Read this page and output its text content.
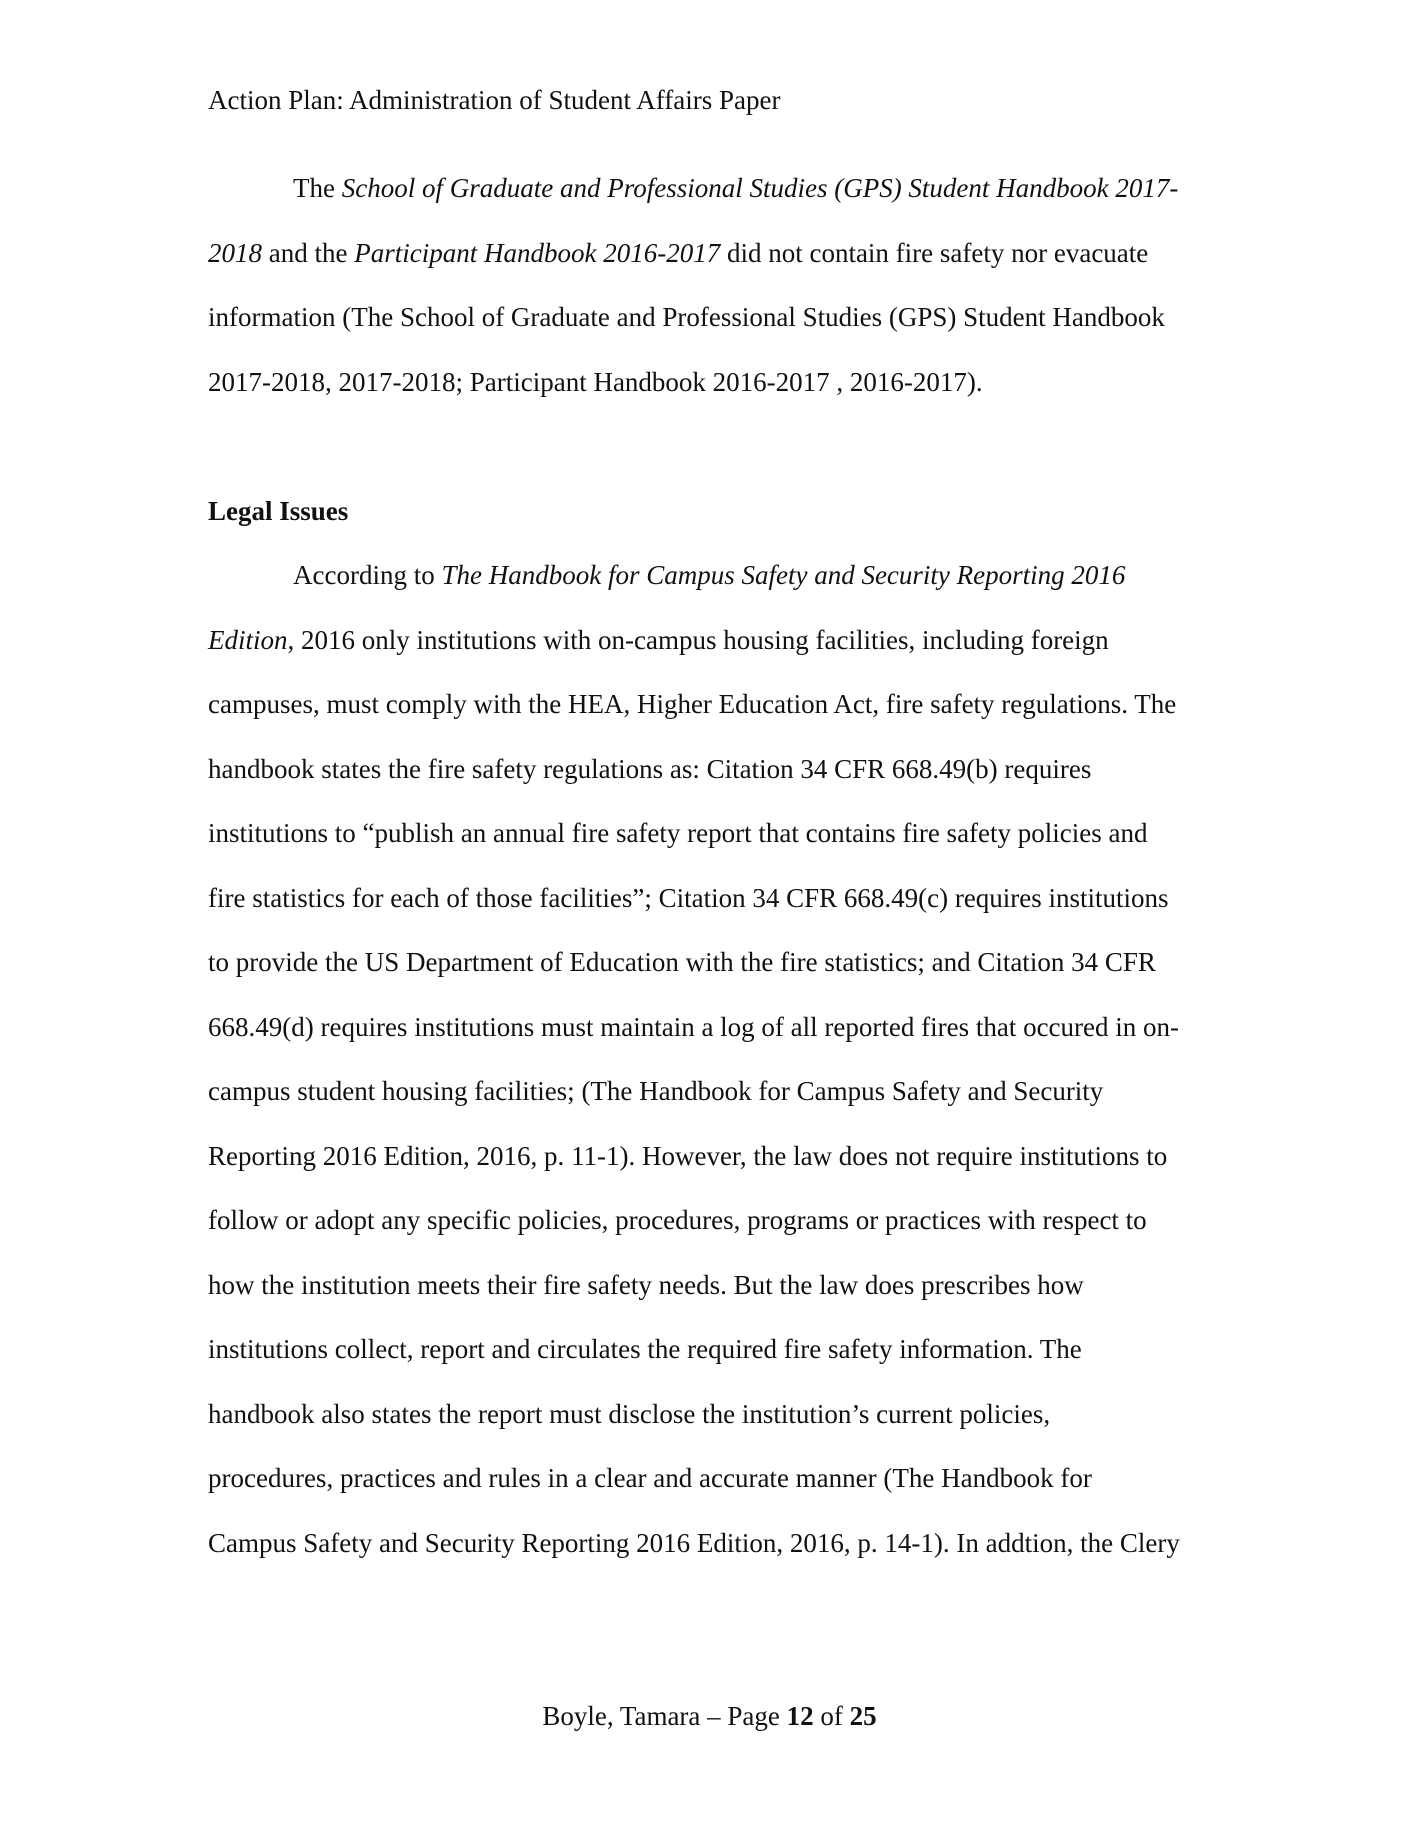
Action Plan: Administration of Student Affairs Paper
The School of Graduate and Professional Studies (GPS) Student Handbook 2017-
2018 and the Participant Handbook 2016-2017 did not contain fire safety nor evacuate
information (The School of Graduate and Professional Studies (GPS) Student Handbook
2017-2018, 2017-2018; Participant Handbook 2016-2017 , 2016-2017).
Legal Issues
According to The Handbook for Campus Safety and Security Reporting 2016
Edition, 2016 only institutions with on-campus housing facilities, including foreign
campuses, must comply with the HEA, Higher Education Act, fire safety regulations. The
handbook states the fire safety regulations as: Citation 34 CFR 668.49(b) requires
institutions to “publish an annual fire safety report that contains fire safety policies and
fire statistics for each of those facilities”; Citation 34 CFR 668.49(c) requires institutions
to provide the US Department of Education with the fire statistics; and Citation 34 CFR
668.49(d) requires institutions must maintain a log of all reported fires that occured in on-
campus student housing facilities; (The Handbook for Campus Safety and Security
Reporting 2016 Edition, 2016, p. 11-1). However, the law does not require institutions to
follow or adopt any specific policies, procedures, programs or practices with respect to
how the institution meets their fire safety needs. But the law does prescribes how
institutions collect, report and circulates the required fire safety information. The
handbook also states the report must disclose the institution’s current policies,
procedures, practices and rules in a clear and accurate manner (The Handbook for
Campus Safety and Security Reporting 2016 Edition, 2016, p. 14-1). In addtion, the Clery
Boyle, Tamara – Page 12 of 25
